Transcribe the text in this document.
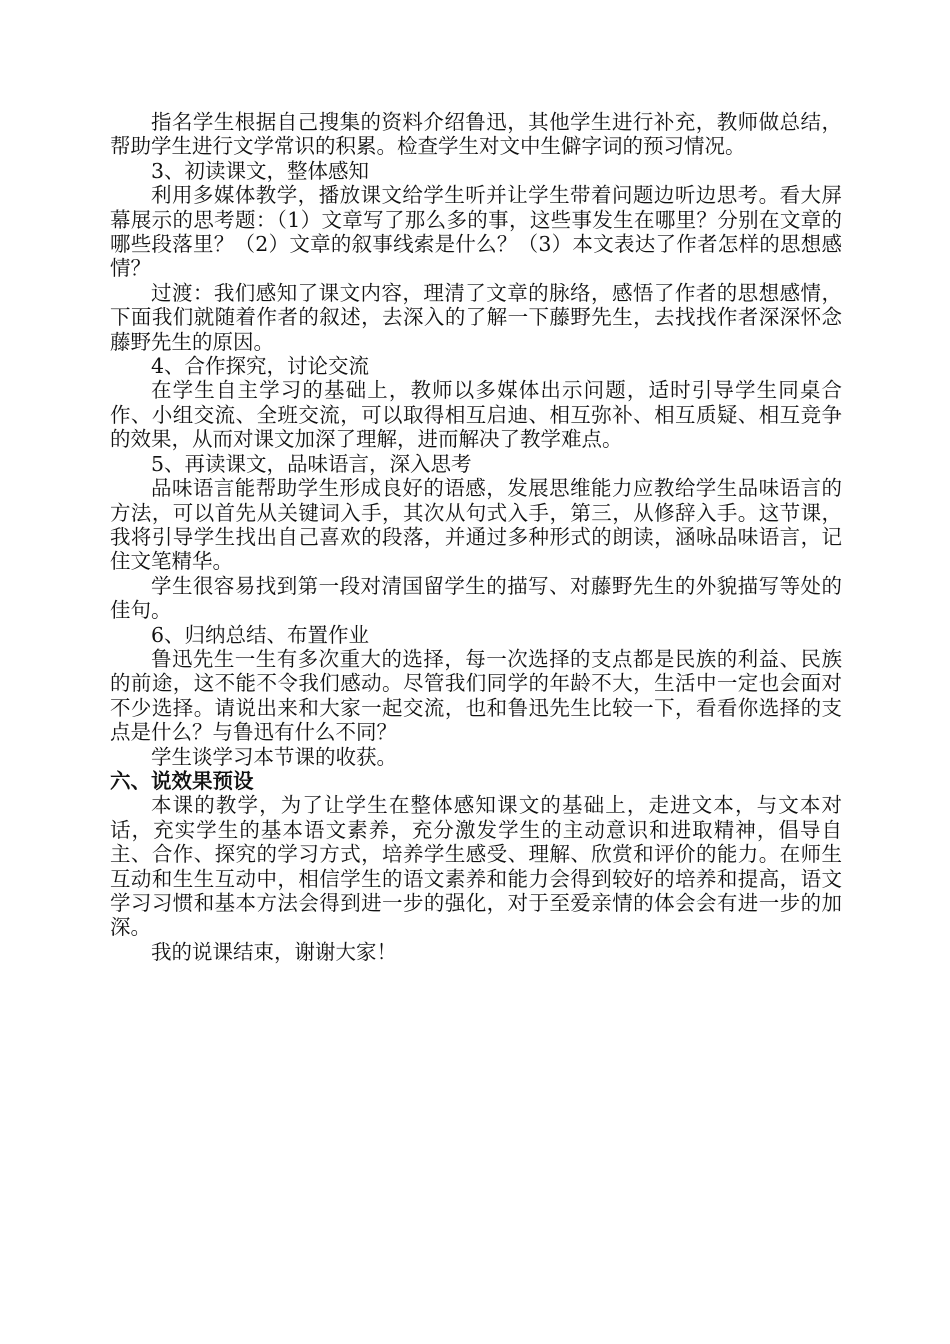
指名学生根据自己搜集的资料介绍鲁迅，其他学生进行补充，教师做总结，帮助学生进行文学常识的积累。检查学生对文中生僻字词的预习情况。

3、初读课文，整体感知

利用多媒体教学，播放课文给学生听并让学生带着问题边听边思考。看大屏幕展示的思考题：（1）文章写了那么多的事，这些事发生在哪里？分别在文章的哪些段落里？（2）文章的叙事线索是什么？（3）本文表达了作者怎样的思想感情？

过渡：我们感知了课文内容，理清了文章的脉络，感悟了作者的思想感情，下面我们就随着作者的叙述，去深入的了解一下藤野先生，去找找作者深深怀念藤野先生的原因。

4、合作探究，讨论交流

在学生自主学习的基础上，教师以多媒体出示问题，适时引导学生同桌合作、小组交流、全班交流，可以取得相互启迪、相互弥补、相互质疑、相互竞争的效果，从而对课文加深了理解，进而解决了教学难点。

5、再读课文，品味语言，深入思考

品味语言能帮助学生形成良好的语感，发展思维能力应教给学生品味语言的方法，可以首先从关键词入手，其次从句式入手，第三，从修辞入手。这节课，我将引导学生找出自己喜欢的段落，并通过多种形式的朗读，涵咏品味语言，记住文笔精华。

学生很容易找到第一段对清国留学生的描写、对藤野先生的外貌描写等处的佳句。

6、归纳总结、布置作业

鲁迅先生一生有多次重大的选择，每一次选择的支点都是民族的利益、民族的前途，这不能不令我们感动。尽管我们同学的年龄不大，生活中一定也会面对不少选择。请说出来和大家一起交流，也和鲁迅先生比较一下，看看你选择的支点是什么？与鲁迅有什么不同？

学生谈学习本节课的收获。

六、说效果预设

本课的教学，为了让学生在整体感知课文的基础上，走进文本，与文本对话，充实学生的基本语文素养，充分激发学生的主动意识和进取精神，倡导自主、合作、探究的学习方式，培养学生感受、理解、欣赏和评价的能力。在师生互动和生生互动中，相信学生的语文素养和能力会得到较好的培养和提高，语文学习习惯和基本方法会得到进一步的强化，对于至爱亲情的体会会有进一步的加深。

我的说课结束，谢谢大家！
